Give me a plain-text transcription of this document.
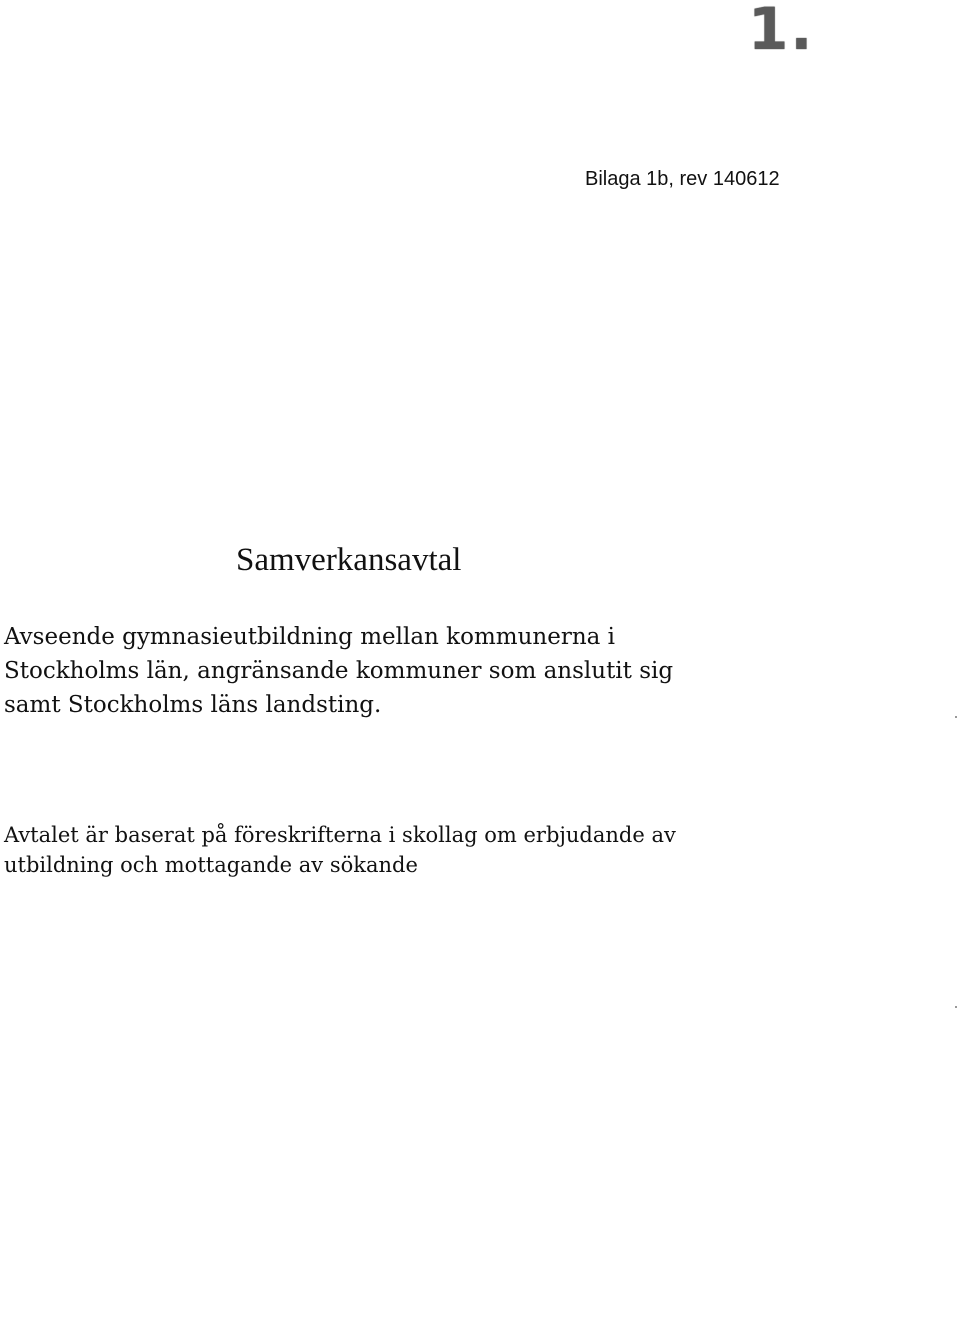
1.
Bilaga 1b, rev 140612
Samverkansavtal

Avseende gymnasieutbildning mellan kommunerna i
Stockholms län, angränsande kommuner som anslutit sig
samt Stockholms läns landsting.

Avtalet är baserat på föreskrifterna i skollag om erbjudande av
utbildning och mottagande av sökande
